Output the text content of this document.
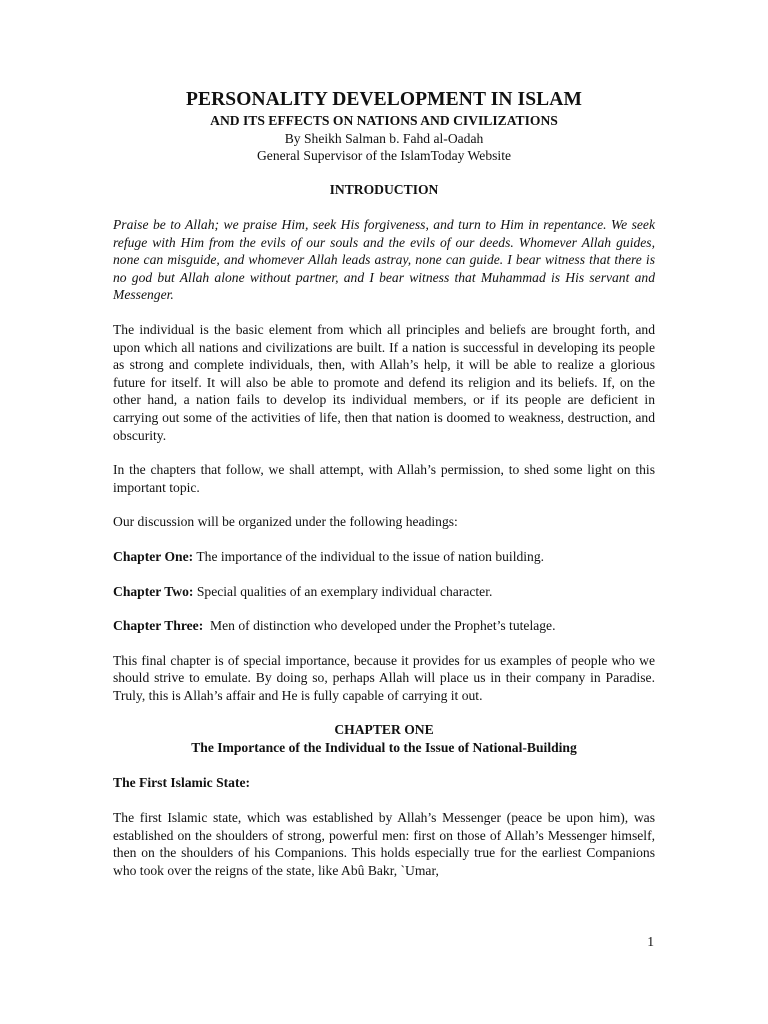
PERSONALITY DEVELOPMENT IN ISLAM
AND ITS EFFECTS ON NATIONS AND CIVILIZATIONS
By Sheikh Salman b. Fahd al-Oadah
General Supervisor of the IslamToday Website
INTRODUCTION

Praise be to Allah; we praise Him, seek His forgiveness, and turn to Him in repentance. We seek refuge with Him from the evils of our souls and the evils of our deeds. Whomever Allah guides, none can misguide, and whomever Allah leads astray, none can guide. I bear witness that there is no god but Allah alone without partner, and I bear witness that Muhammad is His servant and Messenger.

The individual is the basic element from which all principles and beliefs are brought forth, and upon which all nations and civilizations are built. If a nation is successful in developing its people as strong and complete individuals, then, with Allah’s help, it will be able to realize a glorious future for itself. It will also be able to promote and defend its religion and its beliefs. If, on the other hand, a nation fails to develop its individual members, or if its people are deficient in carrying out some of the activities of life, then that nation is doomed to weakness, destruction, and obscurity.

In the chapters that follow, we shall attempt, with Allah’s permission, to shed some light on this important topic.

Our discussion will be organized under the following headings:

Chapter One: The importance of the individual to the issue of nation building.

Chapter Two: Special qualities of an exemplary individual character.

Chapter Three:  Men of distinction who developed under the Prophet’s tutelage.

This final chapter is of special importance, because it provides for us examples of people who we should strive to emulate. By doing so, perhaps Allah will place us in their company in Paradise. Truly, this is Allah’s affair and He is fully capable of carrying it out.

CHAPTER ONE
The Importance of the Individual to the Issue of National-Building

The First Islamic State:

The first Islamic state, which was established by Allah’s Messenger (peace be upon him), was established on the shoulders of strong, powerful men: first on those of Allah’s Messenger himself, then on the shoulders of his Companions. This holds especially true for the earliest Companions who took over the reigns of the state, like Abû Bakr, `Umar,

1
